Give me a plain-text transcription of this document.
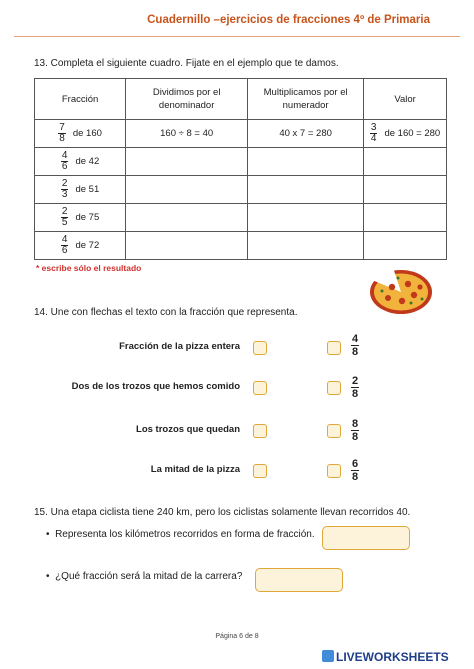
Cuadernillo –ejercicios de fracciones 4º de Primaria
13. Completa el siguiente cuadro. Fijate en el ejemplo que te damos.
Fracción	Dividimos por el denominador	Multiplicamos por el numerador	Valor

$\frac{7}{8}$ de 160	160 ÷ 8 = 40	40 x 7 = 280	$\frac{3}{4}$ de 160 = 280

$\frac{4}{6}$ de 42			

$\frac{2}{3}$ de 51			

$\frac{2}{5}$ de 75			

$\frac{4}{6}$ de 72			

* escribe sólo el resultado
14. Une con flechas el texto con la fracción que representa.
Fracción de la pizza entera	$\frac{4}{8}$
Dos de los trozos que hemos comido	$\frac{2}{8}$
Los trozos que quedan	$\frac{8}{8}$
La mitad de la pizza	$\frac{6}{8}$
15. Una etapa ciclista tiene 240 km, pero los ciclistas solamente llevan recorridos 40.
• Representa los kilómetros recorridos en forma de fracción.
• ¿Qué fracción será la mitad de la carrera?
Página 6 de 8
LIVEWORKSHEETS
